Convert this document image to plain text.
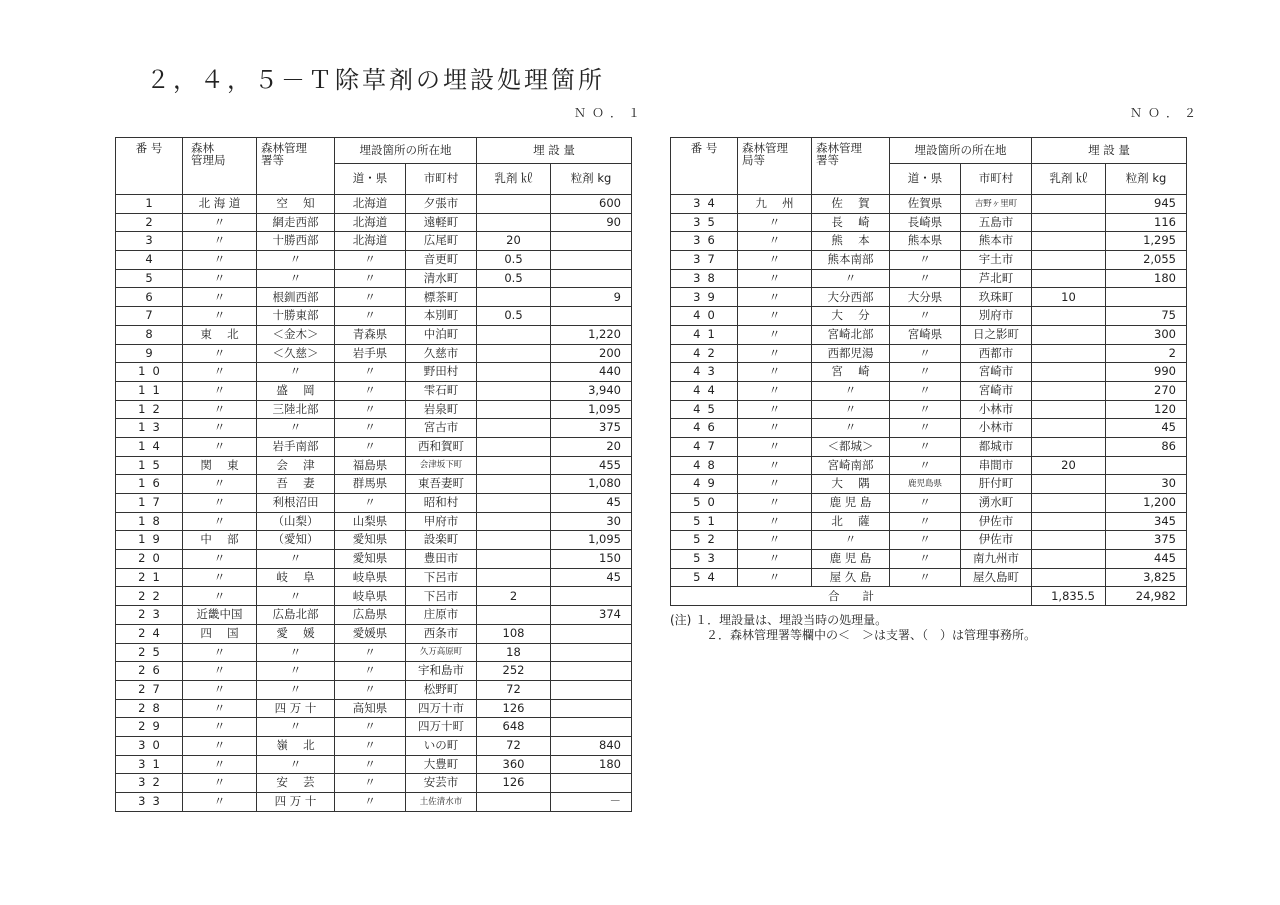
２，４，５－Ｔ除草剤の埋設処理箇所
ＮＯ．１	ＮＯ．２
番 号	森林
管理局	森林管理
署等	埋設箇所の所在地		埋 設 量	
			道・県	市町村	乳剤 ㎘	粒剤 kg
1	北 海 道	空　 知	北海道	夕張市		600
2	〃	網走西部	北海道	遠軽町		90
3	〃	十勝西部	北海道	広尾町	20	
4	〃	〃	〃	音更町	0.5	
5	〃	〃	〃	清水町	0.5	
6	〃	根釧西部	〃	標茶町		9
7	〃	十勝東部	〃	本別町	0.5	
8	東　 北	＜金木＞	青森県	中泊町		1,220
9	〃	＜久慈＞	岩手県	久慈市		200
10	〃	〃	〃	野田村		440
11	〃	盛　 岡	〃	雫石町		3,940
12	〃	三陸北部	〃	岩泉町		1,095
13	〃	〃	〃	宮古市		375
14	〃	岩手南部	〃	西和賀町		20
15	関　 東	会　 津	福島県	会津坂下町		455
16	〃	吾　 妻	群馬県	東吾妻町		1,080
17	〃	利根沼田	〃	昭和村		45
18	〃	（山梨）	山梨県	甲府市		30
19	中　 部	（愛知）	愛知県	設楽町		1,095
20	〃	〃	愛知県	豊田市		150
21	〃	岐　 阜	岐阜県	下呂市		45
22	〃	〃	岐阜県	下呂市	2	
23	近畿中国	広島北部	広島県	庄原市		374
24	四　 国	愛　 媛	愛媛県	西条市	108	
25	〃	〃	〃	久万高原町	18	
26	〃	〃	〃	宇和島市	252	
27	〃	〃	〃	松野町	72	
28	〃	四 万 十	高知県	四万十市	126	
29	〃	〃	〃	四万十町	648	
30	〃	嶺　 北	〃	いの町	72	840
31	〃	〃	〃	大豊町	360	180
32	〃	安　 芸	〃	安芸市	126	
33	〃	四 万 十	〃	土佐清水市		－
番 号	森林管理
局等	森林管理
署等	埋設箇所の所在地		埋 設 量	
			道・県	市町村	乳剤 ㎘	粒剤 kg
34	九　 州	佐　 賀	佐賀県	吉野ヶ里町		945
35	〃	長　 崎	長崎県	五島市		116
36	〃	熊　 本	熊本県	熊本市		1,295
37	〃	熊本南部	〃	宇土市		2,055
38	〃	〃	〃	芦北町		180
39	〃	大分西部	大分県	玖珠町	10	
40	〃	大　 分	〃	別府市		75
41	〃	宮崎北部	宮崎県	日之影町		300
42	〃	西都児湯	〃	西都市		2
43	〃	宮　 崎	〃	宮崎市		990
44	〃	〃	〃	宮崎市		270
45	〃	〃	〃	小林市		120
46	〃	〃	〃	小林市		45
47	〃	＜都城＞	〃	都城市		86
48	〃	宮崎南部	〃	串間市	20	
49	〃	大　 隅	鹿児島県	肝付町		30
50	〃	鹿 児 島	〃	湧水町		1,200
51	〃	北　 薩	〃	伊佐市		345
52	〃	〃	〃	伊佐市		375
53	〃	鹿 児 島	〃	南九州市		445
54	〃	屋 久 島	〃	屋久島町		3,825
合　　計					1,835.5	24,982
(注) １．埋設量は、埋設当時の処理量。
２．森林管理署等欄中の＜　＞は支署、（　）は管理事務所。
